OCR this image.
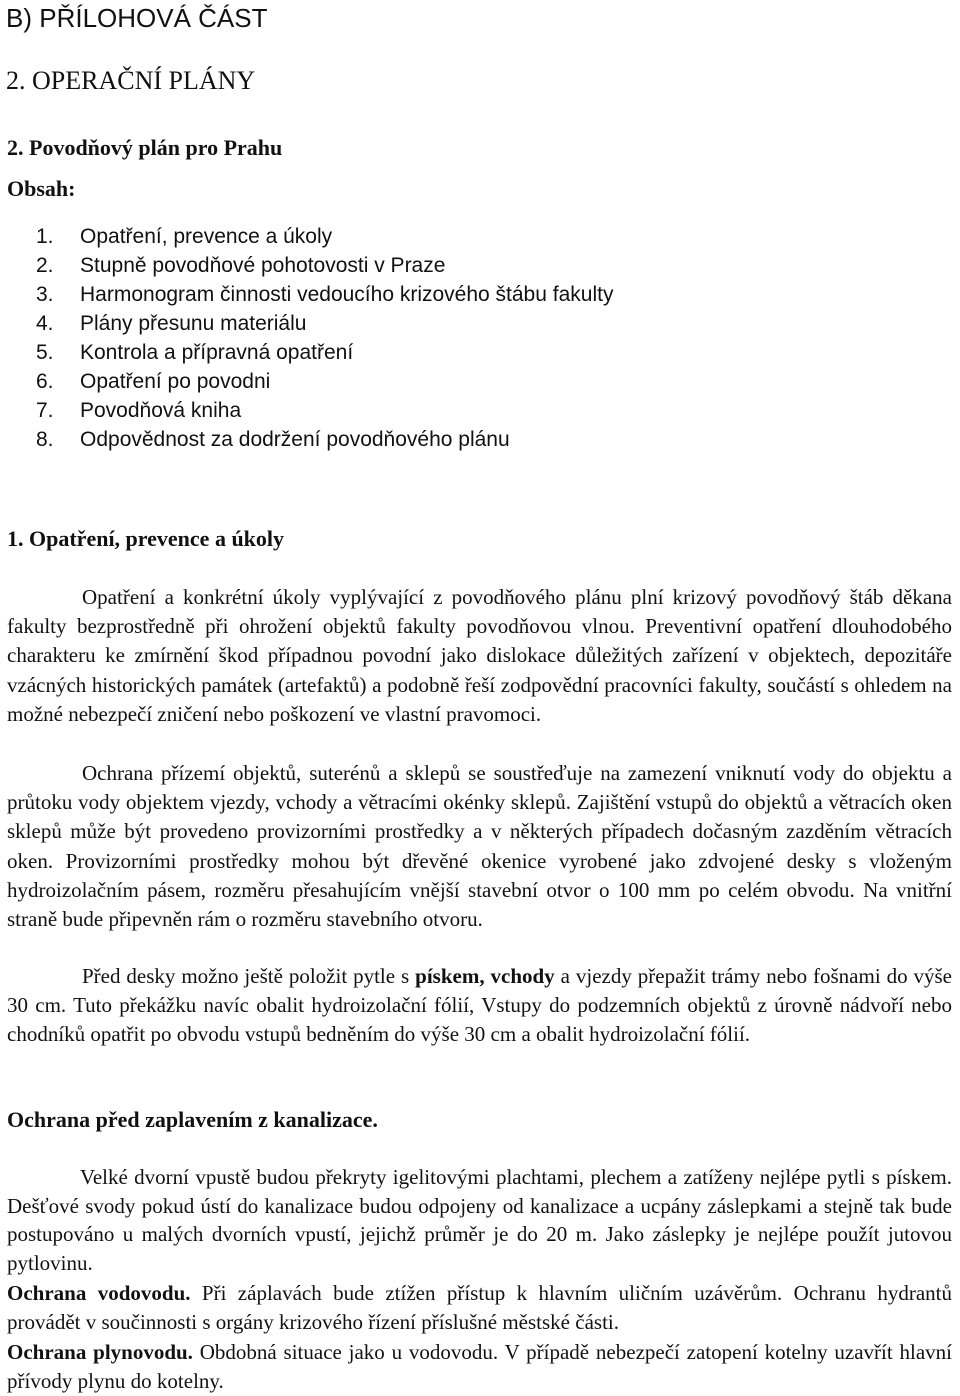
B) PŘÍLOHOVÁ ČÁST
2. OPERAČNÍ PLÁNY
2. Povodňový plán pro Prahu
Obsah:
1. Opatření, prevence a úkoly
2. Stupně povodňové pohotovosti v Praze
3. Harmonogram činnosti vedoucího krizového štábu fakulty
4. Plány přesunu materiálu
5. Kontrola a přípravná opatření
6. Opatření po povodni
7. Povodňová kniha
8. Odpovědnost za dodržení povodňového plánu
1. Opatření, prevence a úkoly

Opatření a konkrétní úkoly vyplývající z povodňového plánu plní krizový povodňový štáb děkana fakulty bezprostředně při ohrožení objektů fakulty povodňovou vlnou. Preventivní opatření dlouhodobého charakteru ke zmírnění škod případnou povodní jako dislokace důležitých zařízení v objektech, depozitáře vzácných historických památek (artefaktů) a podobně řeší zodpovědní pracovníci fakulty, součástí s ohledem na možné nebezpečí zničení nebo poškození ve vlastní pravomoci.

Ochrana přízemí objektů, suterénů a sklepů se soustřeďuje na zamezení vniknutí vody do objektu a průtoku vody objektem vjezdy, vchody a větracími okénky sklepů. Zajištění vstupů do objektů a větracích oken sklepů může být provedeno provizorními prostředky a v některých případech dočasným zazděním větracích oken. Provizorními prostředky mohou být dřevěné okenice vyrobené jako zdvojené desky s vloženým hydroizolačním pásem, rozměru přesahujícím vnější stavební otvor o 100 mm po celém obvodu. Na vnitřní straně bude připevněn rám o rozměru stavebního otvoru.

Před desky možno ještě položit pytle s pískem, vchody a vjezdy přepažit trámy nebo fošnami do výše 30 cm. Tuto překážku navíc obalit hydroizolační fólií, Vstupy do podzemních objektů z úrovně nádvoří nebo chodníků opatřit po obvodu vstupů bedněním do výše 30 cm a obalit hydroizolační fólií.

Ochrana před zaplavením z kanalizace.

Velké dvorní vpustě budou překryty igelitovými plachtami, plechem a zatíženy nejlépe pytli s pískem. Dešťové svody pokud ústí do kanalizace budou odpojeny od kanalizace a ucpány záslepkami a stejně tak bude postupováno u malých dvorních vpustí, jejichž průměr je do 20 m. Jako záslepky je nejlépe použít jutovou pytlovinu.

Ochrana vodovodu. Při záplavách bude ztížen přístup k hlavním uličním uzávěrům. Ochranu hydrantů provádět v součinnosti s orgány krizového řízení příslušné městské části.

Ochrana plynovodu. Obdobná situace jako u vodovodu. V případě nebezpečí zatopení kotelny uzavřít hlavní přívody plynu do kotelny.
